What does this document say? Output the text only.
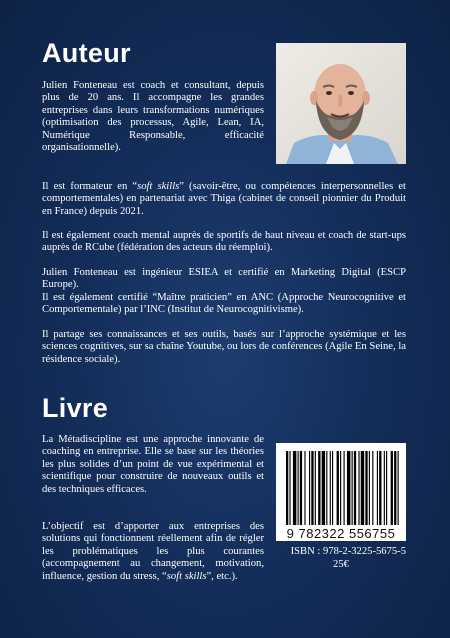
Auteur

Julien Fonteneau est coach et consultant, depuis plus de 20 ans. Il accompagne les grandes entreprises dans leurs transformations numériques (optimisation des processus, Agile, Lean, IA, Numérique Responsable, efficacité organisationnelle).

Il est formateur en “soft skills” (savoir-être, ou compétences interpersonnelles et comportementales) en partenariat avec Thiga (cabinet de conseil pionnier du Produit en France) depuis 2021.

Il est également coach mental auprès de sportifs de haut niveau et coach de start-ups auprès de RCube (fédération des acteurs du réemploi).

Julien Fonteneau est ingénieur ESIEA et certifié en Marketing Digital (ESCP Europe).

Il est également certifié “Maître praticien” en ANC (Approche Neurocognitive et Comportementale) par l’INC (Institut de Neurocognitivisme).

Il partage ses connaissances et ses outils, basés sur l’approche systémique et les sciences cognitives, sur sa chaîne Youtube, ou lors de conférences (Agile En Seine, la résidence sociale).

Livre

La Métadiscipline est une approche innovante de coaching en entreprise. Elle se base sur les théories les plus solides d’un point de vue expérimental et scientifique pour construire de nouveaux outils et des techniques efficaces.

L’objectif est d’apporter aux entreprises des solutions qui fonctionnent réellement afin de régler les problématiques les plus courantes (accompagnement au changement, motivation, influence, gestion du stress, “soft skills”, etc.).
9 782322 556755
ISBN : 978-2-3225-5675-5
25€
